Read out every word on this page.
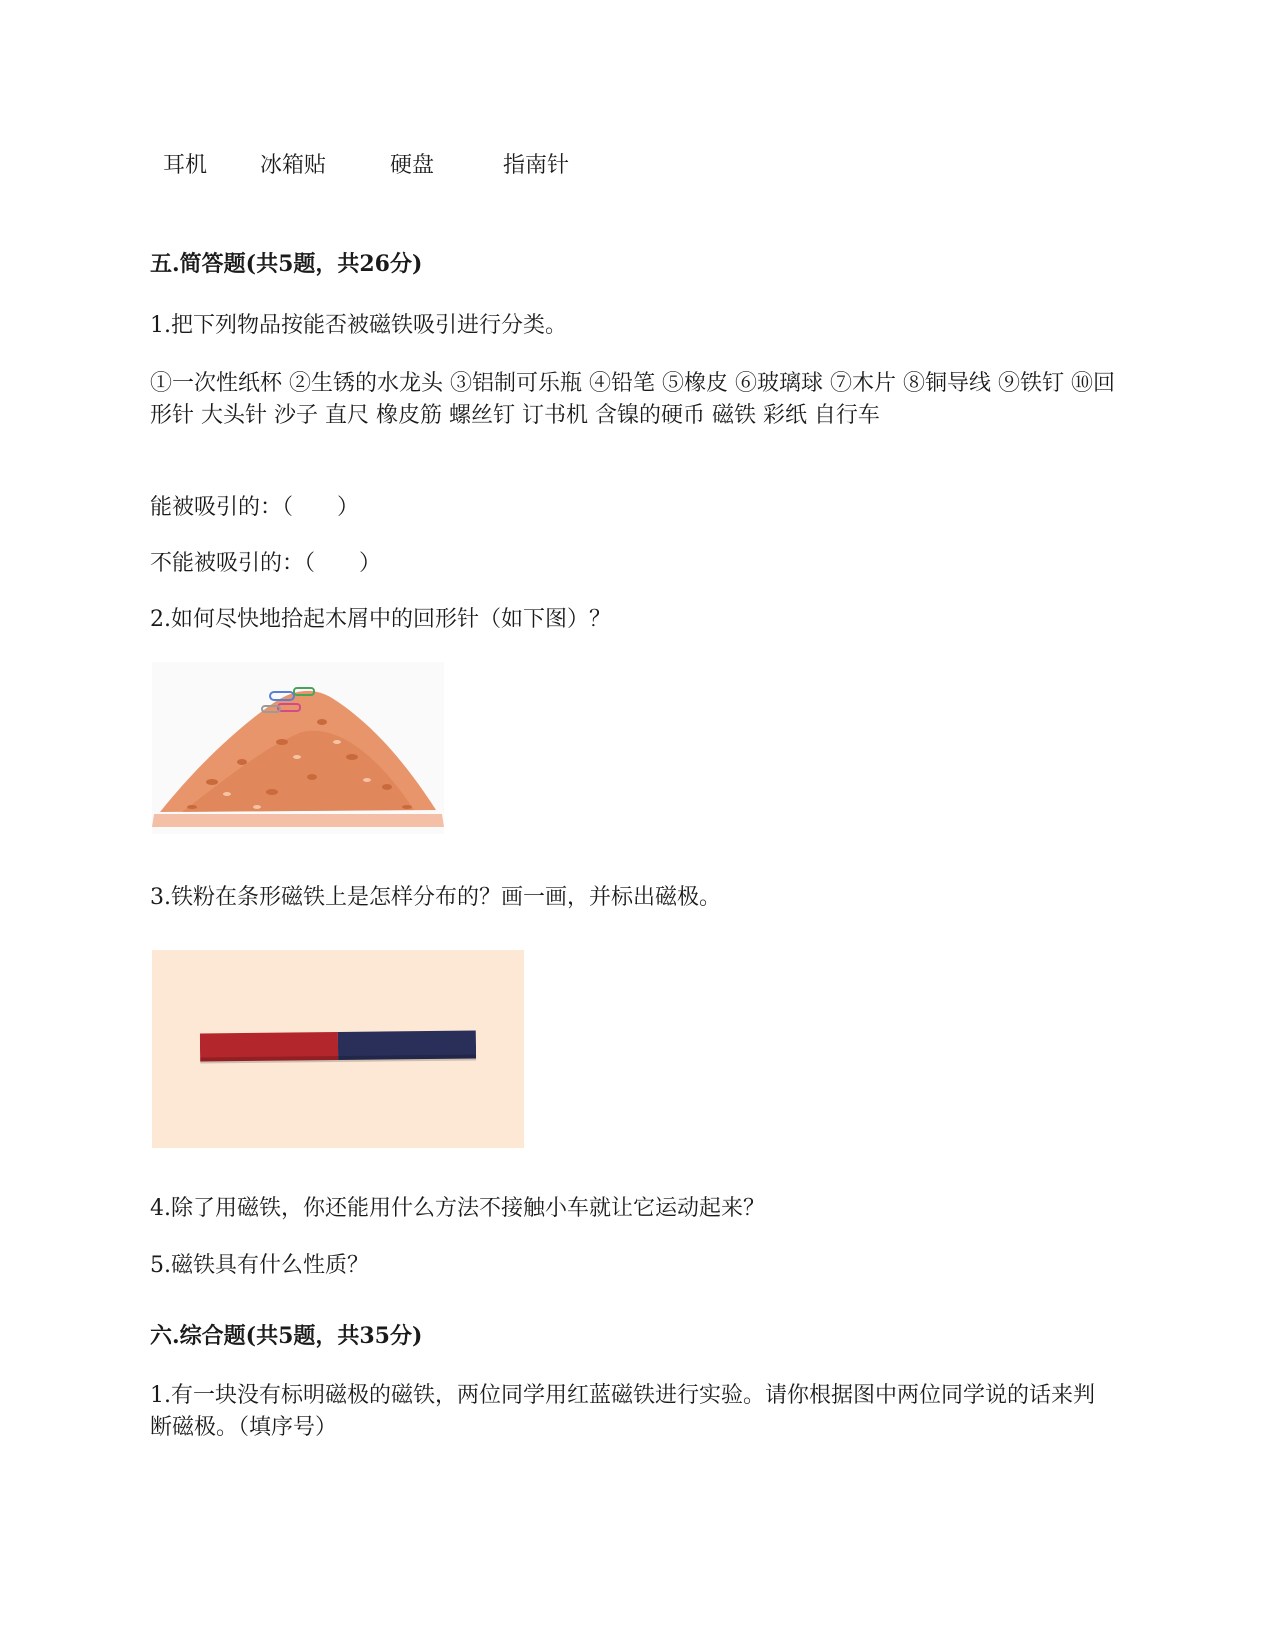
耳机 冰箱贴	硬盘	指南针
五.简答题(共5题，共26分)
1.把下列物品按能否被磁铁吸引进行分类。
①一次性纸杯 ②生锈的水龙头 ③铝制可乐瓶 ④铅笔 ⑤橡皮 ⑥玻璃球 ⑦木片 ⑧铜导线 ⑨铁钉 ⑩回形针 大头针 沙子 直尺 橡皮筋 螺丝钉 订书机 含镍的硬币 磁铁 彩纸 自行车
能被吸引的：（　　）
不能被吸引的：（　　）
2.如何尽快地拾起木屑中的回形针（如下图）？
3.铁粉在条形磁铁上是怎样分布的？画一画，并标出磁极。
4.除了用磁铁，你还能用什么方法不接触小车就让它运动起来？
5.磁铁具有什么性质？
六.综合题(共5题，共35分)
1.有一块没有标明磁极的磁铁，两位同学用红蓝磁铁进行实验。请你根据图中两位同学说的话来判断磁极。（填序号）
